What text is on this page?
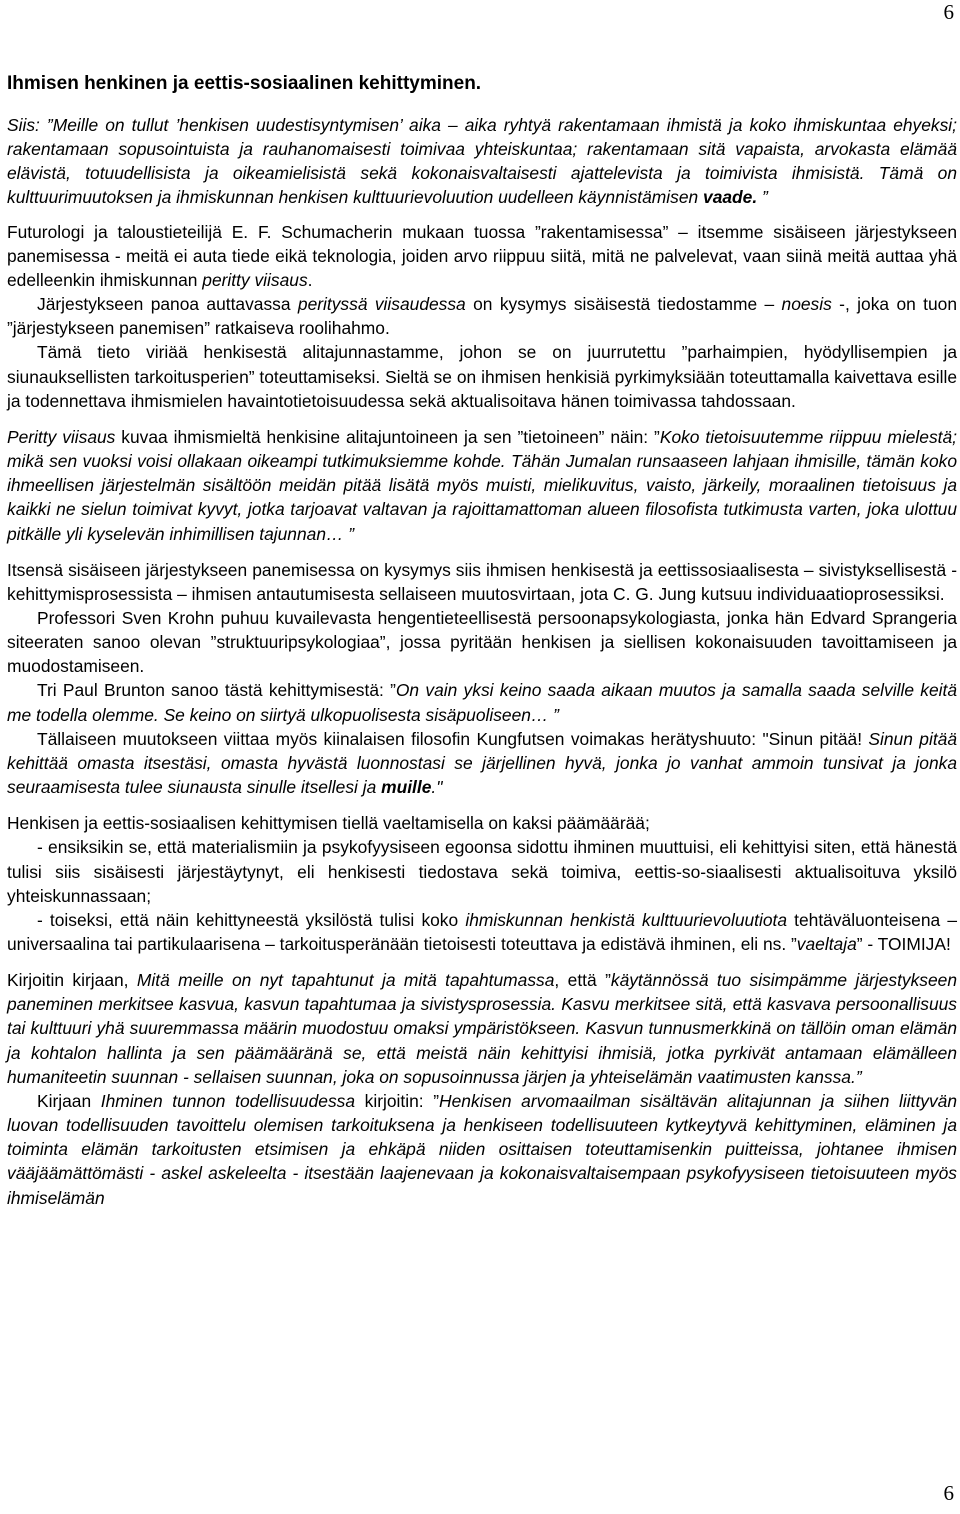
6
Ihmisen henkinen ja eettis-sosiaalinen kehittyminen.

Siis: ”Meille on tullut ’henkisen uudestisyntymisen’ aika – aika ryhtyä rakentamaan ihmistä ja koko ihmiskuntaa ehyeksi; rakentamaan sopusointuista ja rauhanomaisesti toimivaa yhteiskuntaa; rakentamaan sitä vapaista, arvokasta elämää elävistä, totuudellisista ja oikeamielisistä sekä kokonaisvaltaisesti ajattelevista ja toimivista ihmisistä. Tämä on kulttuurimuutoksen ja ihmiskunnan henkisen kulttuurievoluution uudelleen käynnistämisen vaade. ”

Futurologi ja taloustieteilijä E. F. Schumacherin mukaan tuossa ”rakentamisessa” – itsemme sisäiseen järjestykseen panemisessa - meitä ei auta tiede eikä teknologia, joiden arvo riippuu siitä, mitä ne palvelevat, vaan siinä meitä auttaa yhä edelleenkin ihmiskunnan peritty viisaus.

Järjestykseen panoa auttavassa perityssä viisaudessa on kysymys sisäisestä tiedostamme – noesis -, joka on tuon ”järjestykseen panemisen” ratkaiseva roolihahmo.

Tämä tieto viriää henkisestä alitajunnastamme, johon se on juurrutettu ”parhaimpien, hyödyllisempien ja siunauksellisten tarkoitusperien” toteuttamiseksi. Sieltä se on ihmisen henkisiä pyrkimyksiään toteuttamalla kaivettava esille ja todennettava ihmismielen havaintotietoisuudessa sekä aktualisoitava hänen toimivassa tahdossaan.

Peritty viisaus kuvaa ihmismieltä henkisine alitajuntoineen ja sen ”tietoineen” näin: ”Koko tietoisuutemme riippuu mielestä; mikä sen vuoksi voisi ollakaan oikeampi tutkimuksiemme kohde. Tähän Jumalan runsaaseen lahjaan ihmisille, tämän koko ihmeellisen järjestelmän sisältöön meidän pitää lisätä myös muisti, mielikuvitus, vaisto, järkeily, moraalinen tietoisuus ja kaikki ne sielun toimivat kyvyt, jotka tarjoavat valtavan ja rajoittamattoman alueen filosofista tutkimusta varten, joka ulottuu pitkälle yli kyselevän inhimillisen tajunnan… ”

Itsensä sisäiseen järjestykseen panemisessa on kysymys siis ihmisen henkisestä ja eettissosiaalisesta – sivistyksellisestä - kehittymisprosessista – ihmisen antautumisesta sellaiseen muutosvirtaan, jota C. G. Jung kutsuu individuaatioprosessiksi.

Professori Sven Krohn puhuu kuvailevasta hengentieteellisestä persoonapsykologiasta, jonka hän Edvard Sprangeria siteeraten sanoo olevan ”struktuuripsykologiaa”, jossa pyritään henkisen ja siellisen kokonaisuuden tavoittamiseen ja muodostamiseen.

Tri Paul Brunton sanoo tästä kehittymisestä: ”On vain yksi keino saada aikaan muutos ja samalla saada selville keitä me todella olemme. Se keino on siirtyä ulkopuolisesta sisäpuoliseen… ”

Tällaiseen muutokseen viittaa myös kiinalaisen filosofin Kungfutsen voimakas herätyshuuto: "Sinun pitää! Sinun pitää kehittää omasta itsestäsi, omasta hyvästä luonnostasi se järjellinen hyvä, jonka jo vanhat ammoin tunsivat ja jonka seuraamisesta tulee siunausta sinulle itsellesi ja muille."

Henkisen ja eettis-sosiaalisen kehittymisen tiellä vaeltamisella on kaksi päämäärää;

- ensiksikin se, että materialismiin ja psykofyysiseen egoonsa sidottu ihminen muuttuisi, eli kehittyisi siten, että hänestä tulisi siis sisäisesti järjestäytynyt, eli henkisesti tiedostava sekä toimiva, eettis-so-siaalisesti aktualisoituva yksilö yhteiskunnassaan;

- toiseksi, että näin kehittyneestä yksilöstä tulisi koko ihmiskunnan henkistä kulttuurievoluutiota tehtäväluonteisena – universaalina tai partikulaarisena – tarkoitusperänään tietoisesti toteuttava ja edistävä ihminen, eli ns. ”vaeltaja” - TOIMIJA!

Kirjoitin kirjaan, Mitä meille on nyt tapahtunut ja mitä tapahtumassa, että ”käytännössä tuo sisimpämme järjestykseen paneminen merkitsee kasvua, kasvun tapahtumaa ja sivistysprosessia. Kasvu merkitsee sitä, että kasvava persoonallisuus tai kulttuuri yhä suuremmassa määrin muodostuu omaksi ympäristökseen. Kasvun tunnusmerkkinä on tällöin oman elämän ja kohtalon hallinta ja sen päämääränä se, että meistä näin kehittyisi ihmisiä, jotka pyrkivät antamaan elämälleen humaniteetin suunnan - sellaisen suunnan, joka on sopusoinnussa järjen ja yhteiselämän vaatimusten kanssa.”

Kirjaan Ihminen tunnon todellisuudessa kirjoitin: ”Henkisen arvomaailman sisältävän alitajunnan ja siihen liittyvän luovan todellisuuden tavoittelu olemisen tarkoituksena ja henkiseen todellisuuteen kytkeytyvä kehittyminen, eläminen ja toiminta elämän tarkoitusten etsimisen ja ehkäpä niiden osittaisen toteuttamisenkin puitteissa, johtanee ihmisen vääjäämättömästi - askel askeleelta - itsestään laajenevaan ja kokonaisvaltaisempaan psykofyysiseen tietoisuuteen myös ihmiselämän

6
